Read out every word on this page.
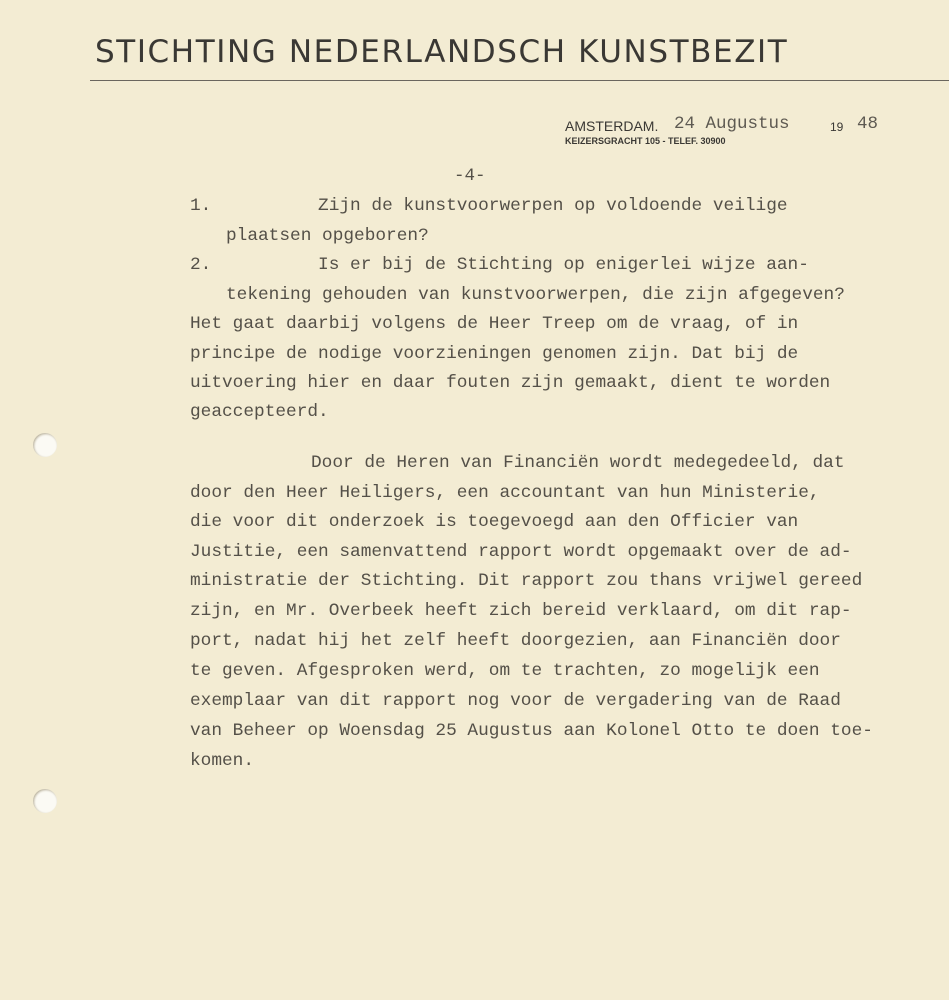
STICHTING NEDERLANDSCH KUNSTBEZIT
AMSTERDAM. 24 Augustus	19 48
KEIZERSGRACHT 105 - TELEF. 30900
-4-
1.          Zijn de kunstvoorwerpen op voldoende veilige
plaatsen opgeboren?
2.          Is er bij de Stichting op enigerlei wijze aan-
tekening gehouden van kunstvoorwerpen, die zijn afgegeven?
Het gaat daarbij volgens de Heer Treep om de vraag, of in
principe de nodige voorzieningen genomen zijn. Dat bij de
uitvoering hier en daar fouten zijn gemaakt, dient te worden
geaccepteerd.
Door de Heren van Financiën wordt medegedeeld, dat
door den Heer Heiligers, een accountant van hun Ministerie,
die voor dit onderzoek is toegevoegd aan den Officier van
Justitie, een samenvattend rapport wordt opgemaakt over de ad-
ministratie der Stichting. Dit rapport zou thans vrijwel gereed
zijn, en Mr. Overbeek heeft zich bereid verklaard, om dit rap-
port, nadat hij het zelf heeft doorgezien, aan Financiën door
te geven. Afgesproken werd, om te trachten, zo mogelijk een
exemplaar van dit rapport nog voor de vergadering van de Raad
van Beheer op Woensdag 25 Augustus aan Kolonel Otto te doen toe-
komen.
